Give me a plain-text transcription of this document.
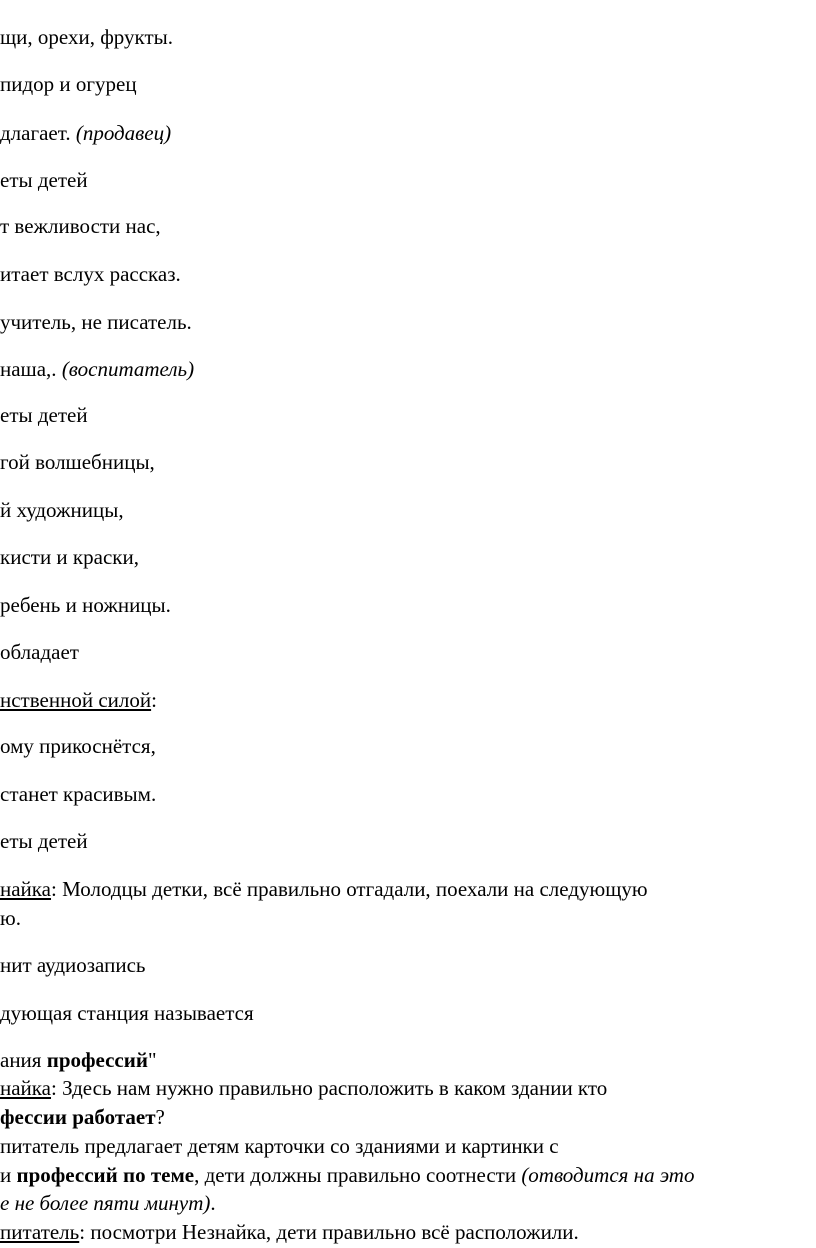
щи, орехи, фрукты.
пидор и огурец
длагает. (продавец)
еты детей
т вежливости нас,
итает вслух рассказ.
учитель, не писатель.
наша,. (воспитатель)
еты детей
гой волшебницы,
й художницы,
кисти и краски,
ребень и ножницы.
обладает
нственной силой:
ому прикоснётся,
станет красивым.
еты детей
найка: Молодцы детки, всё правильно отгадали, поехали на следующую
ю.
нит аудиозапись
дующая станция называется
ания профессий"
найка: Здесь нам нужно правильно расположить в каком здании кто
фессии работает?
питатель предлагает детям карточки со зданиями и картинки с
и профессий по теме, дети должны правильно соотнести (отводится на это
е не более пяти минут).
питатель: посмотри Незнайка, дети правильно всё расположили.
